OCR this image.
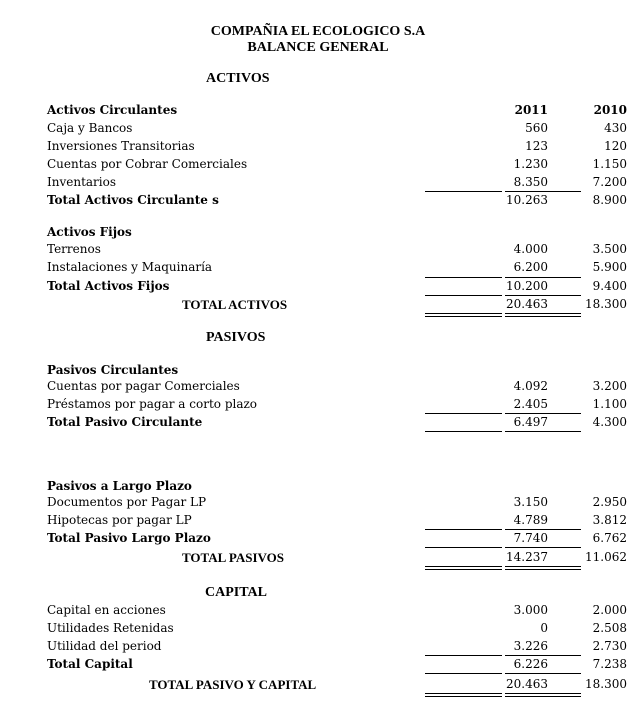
COMPAÑIA EL ECOLOGICO S.A
BALANCE GENERAL
ACTIVOS
Activos Circulantes	2011	2010
Caja y Bancos	560	430
Inversiones Transitorias	123	120
Cuentas por Cobrar Comerciales	1.230	1.150
Inventarios	8.350	7.200
Total Activos Circulante s	10.263	8.900
Activos Fijos
Terrenos	4.000	3.500
Instalaciones y Maquinaría	6.200	5.900
Total Activos Fijos	10.200	9.400
TOTAL ACTIVOS	20.463	18.300
PASIVOS
Pasivos Circulantes
Cuentas por pagar Comerciales	4.092	3.200
Préstamos por pagar a corto plazo	2.405	1.100
Total Pasivo Circulante	6.497	4.300
Pasivos a Largo Plazo
Documentos por Pagar LP	3.150	2.950
Hipotecas por pagar LP	4.789	3.812
Total Pasivo Largo Plazo	7.740	6.762
TOTAL PASIVOS	14.237	11.062
CAPITAL
Capital en acciones	3.000	2.000
Utilidades Retenidas	0	2.508
Utilidad del period	3.226	2.730
Total Capital	6.226	7.238
TOTAL PASIVO Y CAPITAL	20.463	18.300
